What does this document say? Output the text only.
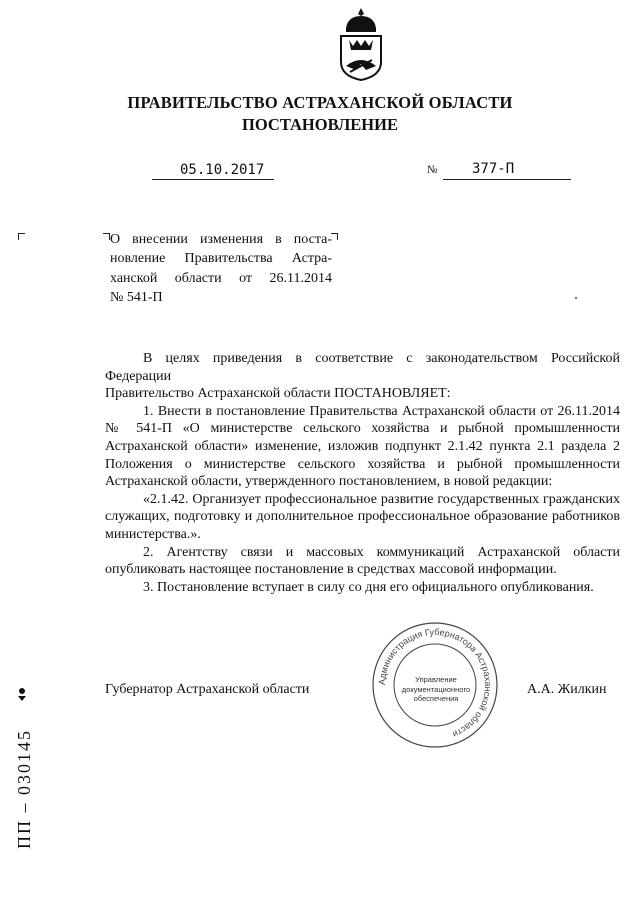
ПРАВИТЕЛЬСТВО АСТРАХАНСКОЙ ОБЛАСТИ
ПОСТАНОВЛЕНИЕ
05.10.2017	№ 377-П
О внесении изменения в поста-
новление Правительства Астра-
ханской области от 26.11.2014
№ 541-П

В целях приведения в соответствие с законодательством Российской Федерации

Правительство Астраханской области ПОСТАНОВЛЯЕТ:

1. Внести в постановление Правительства Астраханской области от 26.11.2014 № 541-П «О министерстве сельского хозяйства и рыбной промышленности Астраханской области» изменение, изложив подпункт 2.1.42 пункта 2.1 раздела 2 Положения о министерстве сельского хозяйства и рыбной промышленности Астраханской области, утвержденного постановлением, в новой редакции:

«2.1.42. Организует профессиональное развитие государственных гражданских служащих, подготовку и дополнительное профессиональное образование работников министерства.».

2. Агентству связи и массовых коммуникаций Астраханской области опубликовать настоящее постановление в средствах массовой информации.

3. Постановление вступает в силу со дня его официального опубликования.

Губернатор Астраханской области	А.А. Жилкин
Администрация Губернатора Астраханской области
Управление
документационного
обеспечения
ПП – 030145
